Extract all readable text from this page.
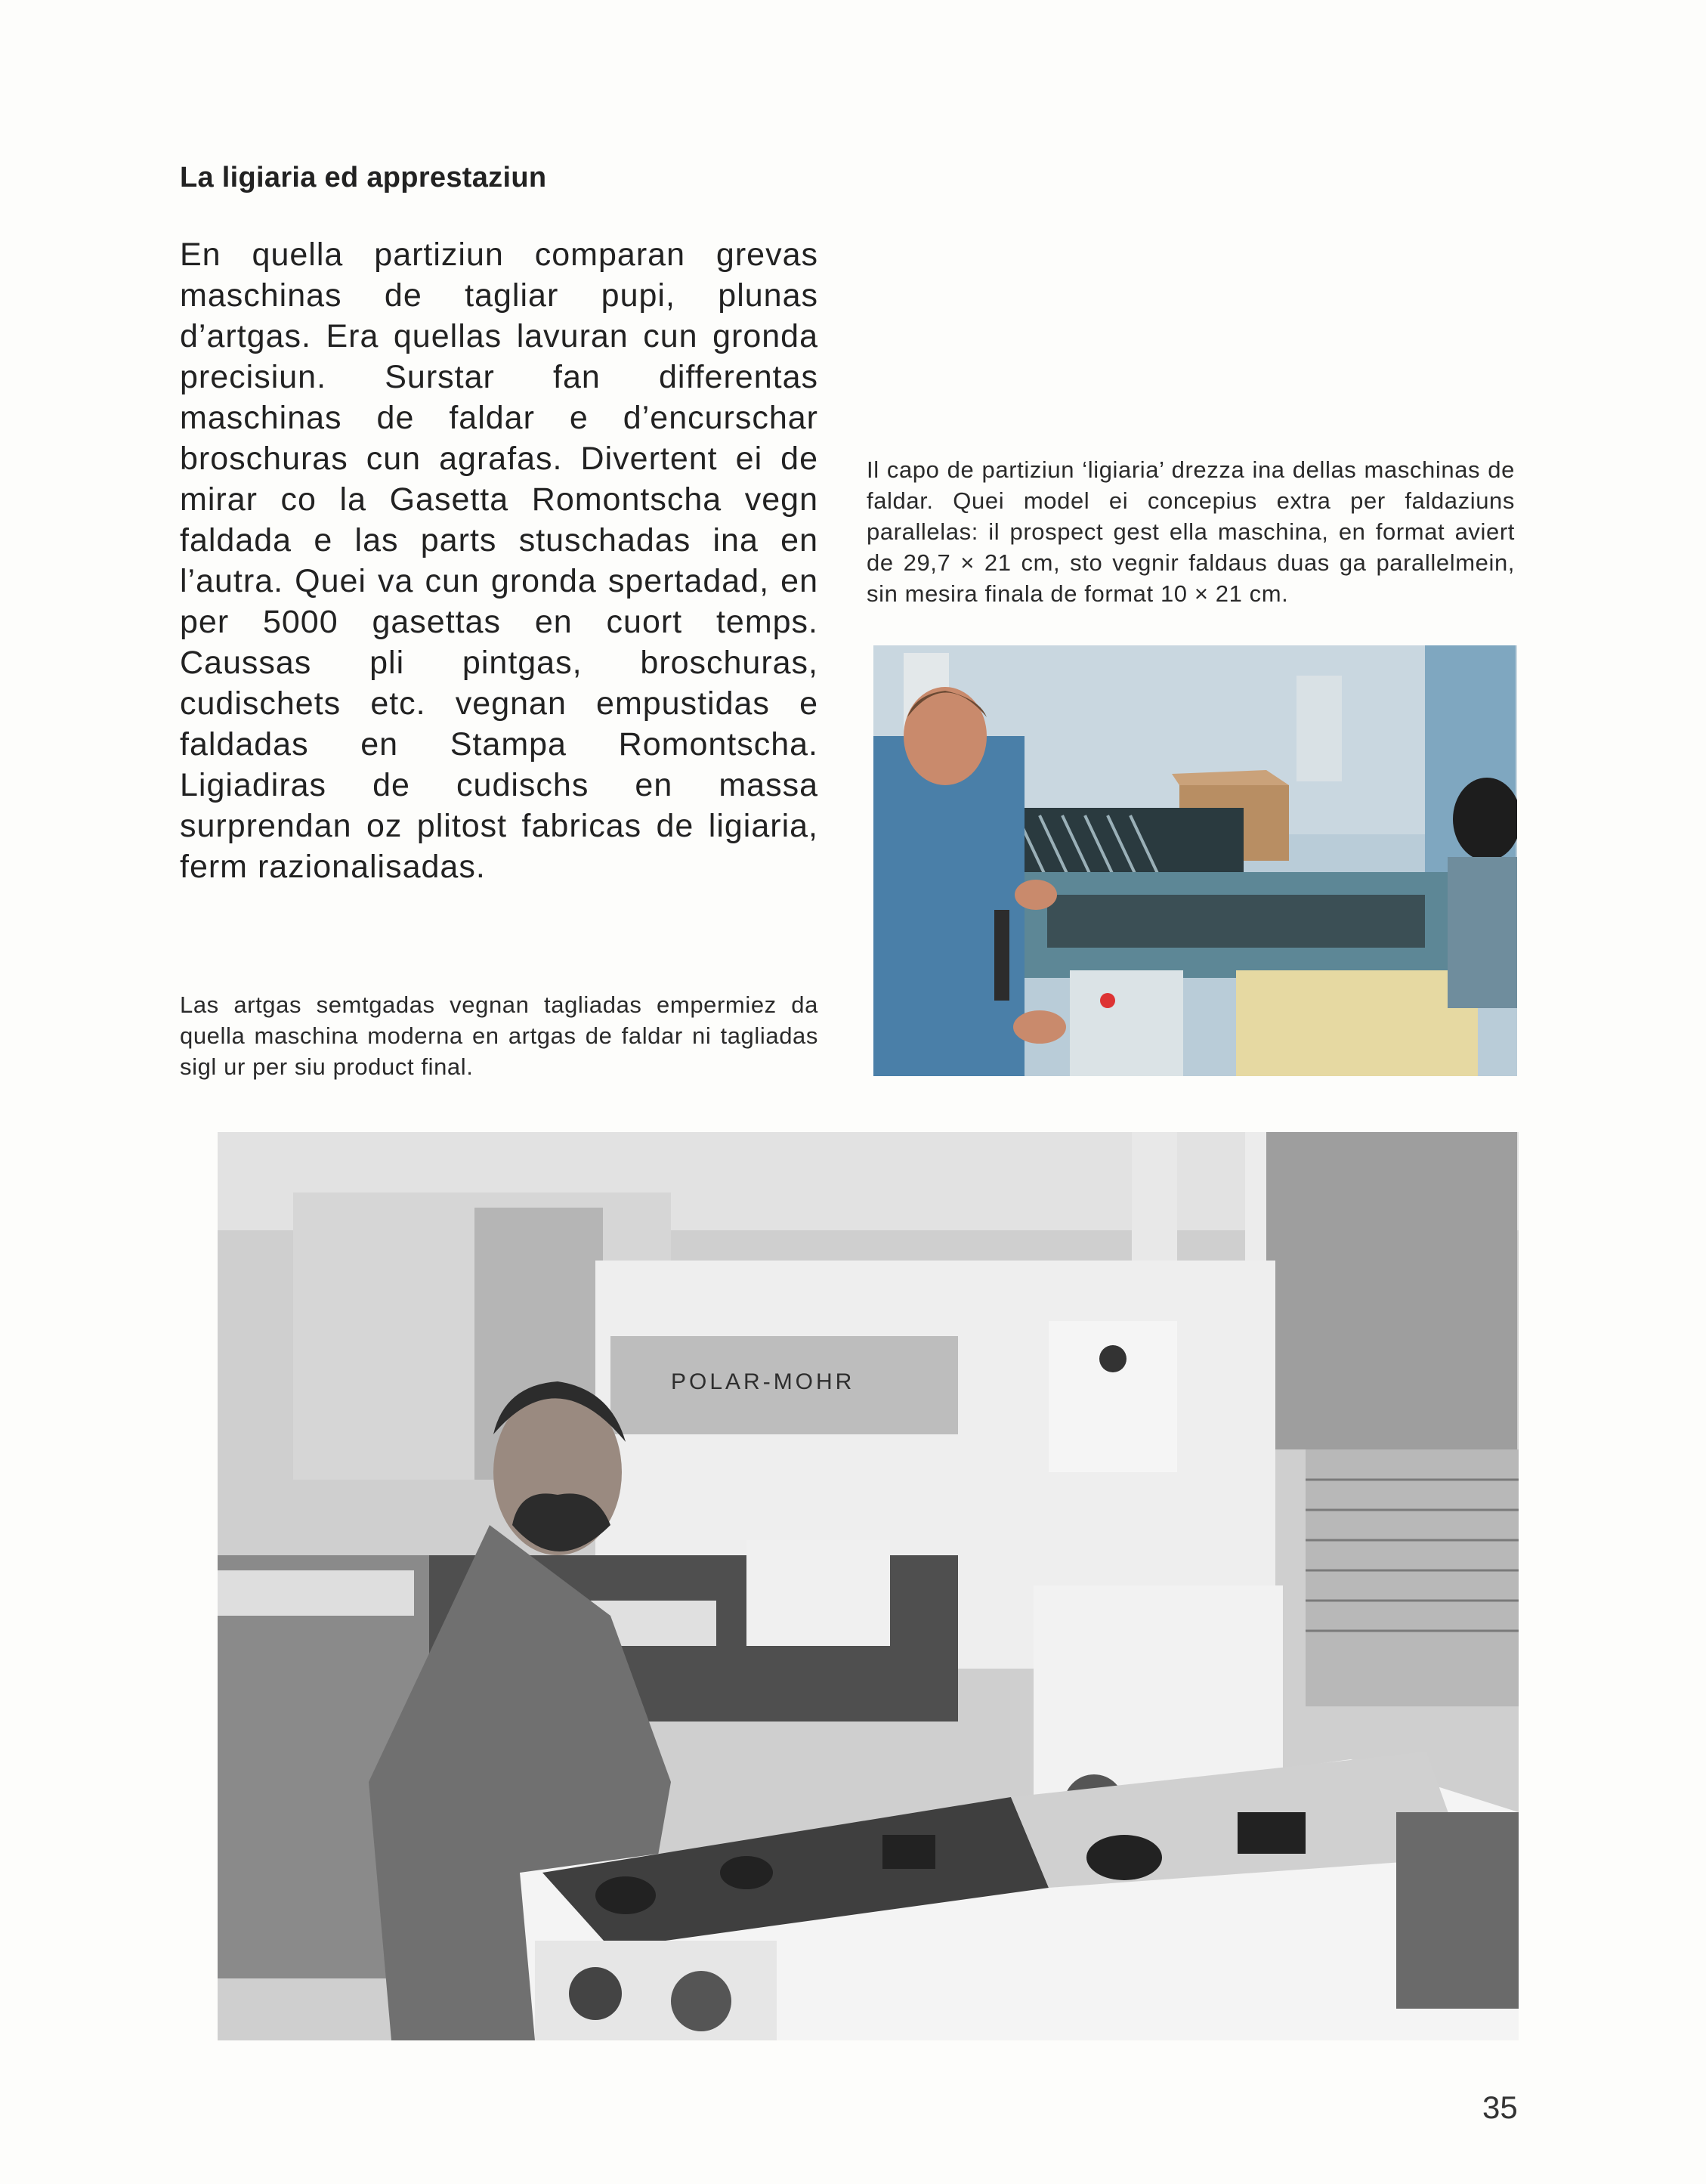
La ligiaria ed apprestaziun
En quella partiziun comparan grevas maschinas de tagliar pupi, plunas d’artgas. Era quellas lavuran cun gronda precisiun. Surstar fan differentas maschinas de faldar e d’encurschar broschuras cun agrafas. Divertent ei de mirar co la Gasetta Romontscha vegn faldada e las parts stuschadas ina en l’autra. Quei va cun gronda spertadad, en per 5000 gasettas en cuort temps. Caussas pli pintgas, broschuras, cudischets etc. vegnan empustidas e faldadas en Stampa Romontscha. Ligiadiras de cudischs en massa surprendan oz plitost fabricas de ligiaria, ferm razionalisadas.
Il capo de partiziun ‘ligiaria’ drezza ina dellas maschinas de faldar. Quei model ei concepius extra per faldaziuns parallelas: il prospect gest ella maschina, en format aviert de 29,7 × 21 cm, sto vegnir faldaus duas ga parallelmein, sin mesira finala de format 10 × 21 cm.
Las artgas semtgadas vegnan tagliadas empermiez da quella maschina moderna en artgas de faldar ni tagliadas sigl ur per siu product final.
POLAR-MOHR
35
